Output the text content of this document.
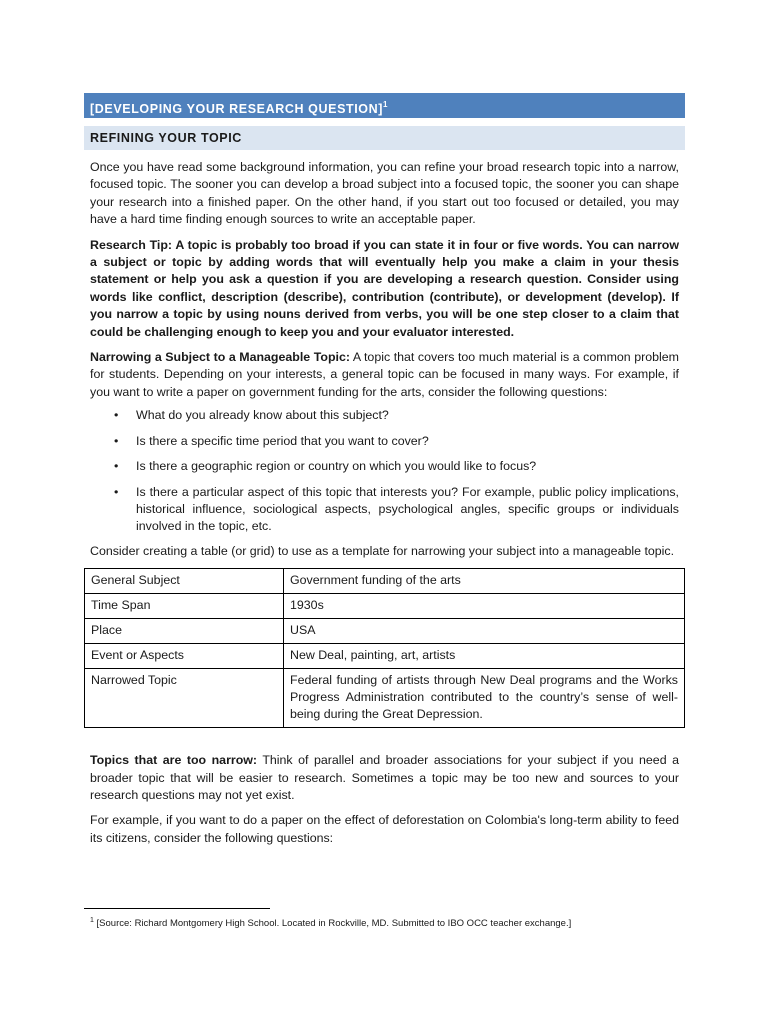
[DEVELOPING YOUR RESEARCH QUESTION]$^1$
REFINING YOUR TOPIC

Once you have read some background information, you can refine your broad research topic into a narrow, focused topic. The sooner you can develop a broad subject into a focused topic, the sooner you can shape your research into a finished paper. On the other hand, if you start out too focused or detailed, you may have a hard time finding enough sources to write an acceptable paper.

Research Tip: A topic is probably too broad if you can state it in four or five words. You can narrow a subject or topic by adding words that will eventually help you make a claim in your thesis statement or help you ask a question if you are developing a research question. Consider using words like conflict, description (describe), contribution (contribute), or development (develop). If you narrow a topic by using nouns derived from verbs, you will be one step closer to a claim that could be challenging enough to keep you and your evaluator interested.

Narrowing a Subject to a Manageable Topic: A topic that covers too much material is a common problem for students. Depending on your interests, a general topic can be focused in many ways. For example, if you want to write a paper on government funding for the arts, consider the following questions:

• What do you already know about this subject?
• Is there a specific time period that you want to cover?
• Is there a geographic region or country on which you would like to focus?
• Is there a particular aspect of this topic that interests you? For example, public policy implications, historical influence, sociological aspects, psychological angles, specific groups or individuals involved in the topic, etc.

Consider creating a table (or grid) to use as a template for narrowing your subject into a manageable topic.

General Subject	Government funding of the arts
Time Span	1930s
Place	USA
Event or Aspects	New Deal, painting, art, artists
Narrowed Topic	Federal funding of artists through New Deal programs and the Works Progress Administration contributed to the country’s sense of well-being during the Great Depression.

Topics that are too narrow: Think of parallel and broader associations for your subject if you need a broader topic that will be easier to research. Sometimes a topic may be too new and sources to your research questions may not yet exist.

For example, if you want to do a paper on the effect of deforestation on Colombia's long-term ability to feed its citizens, consider the following questions:

$^1$ [Source: Richard Montgomery High School. Located in Rockville, MD. Submitted to IBO OCC teacher exchange.]
